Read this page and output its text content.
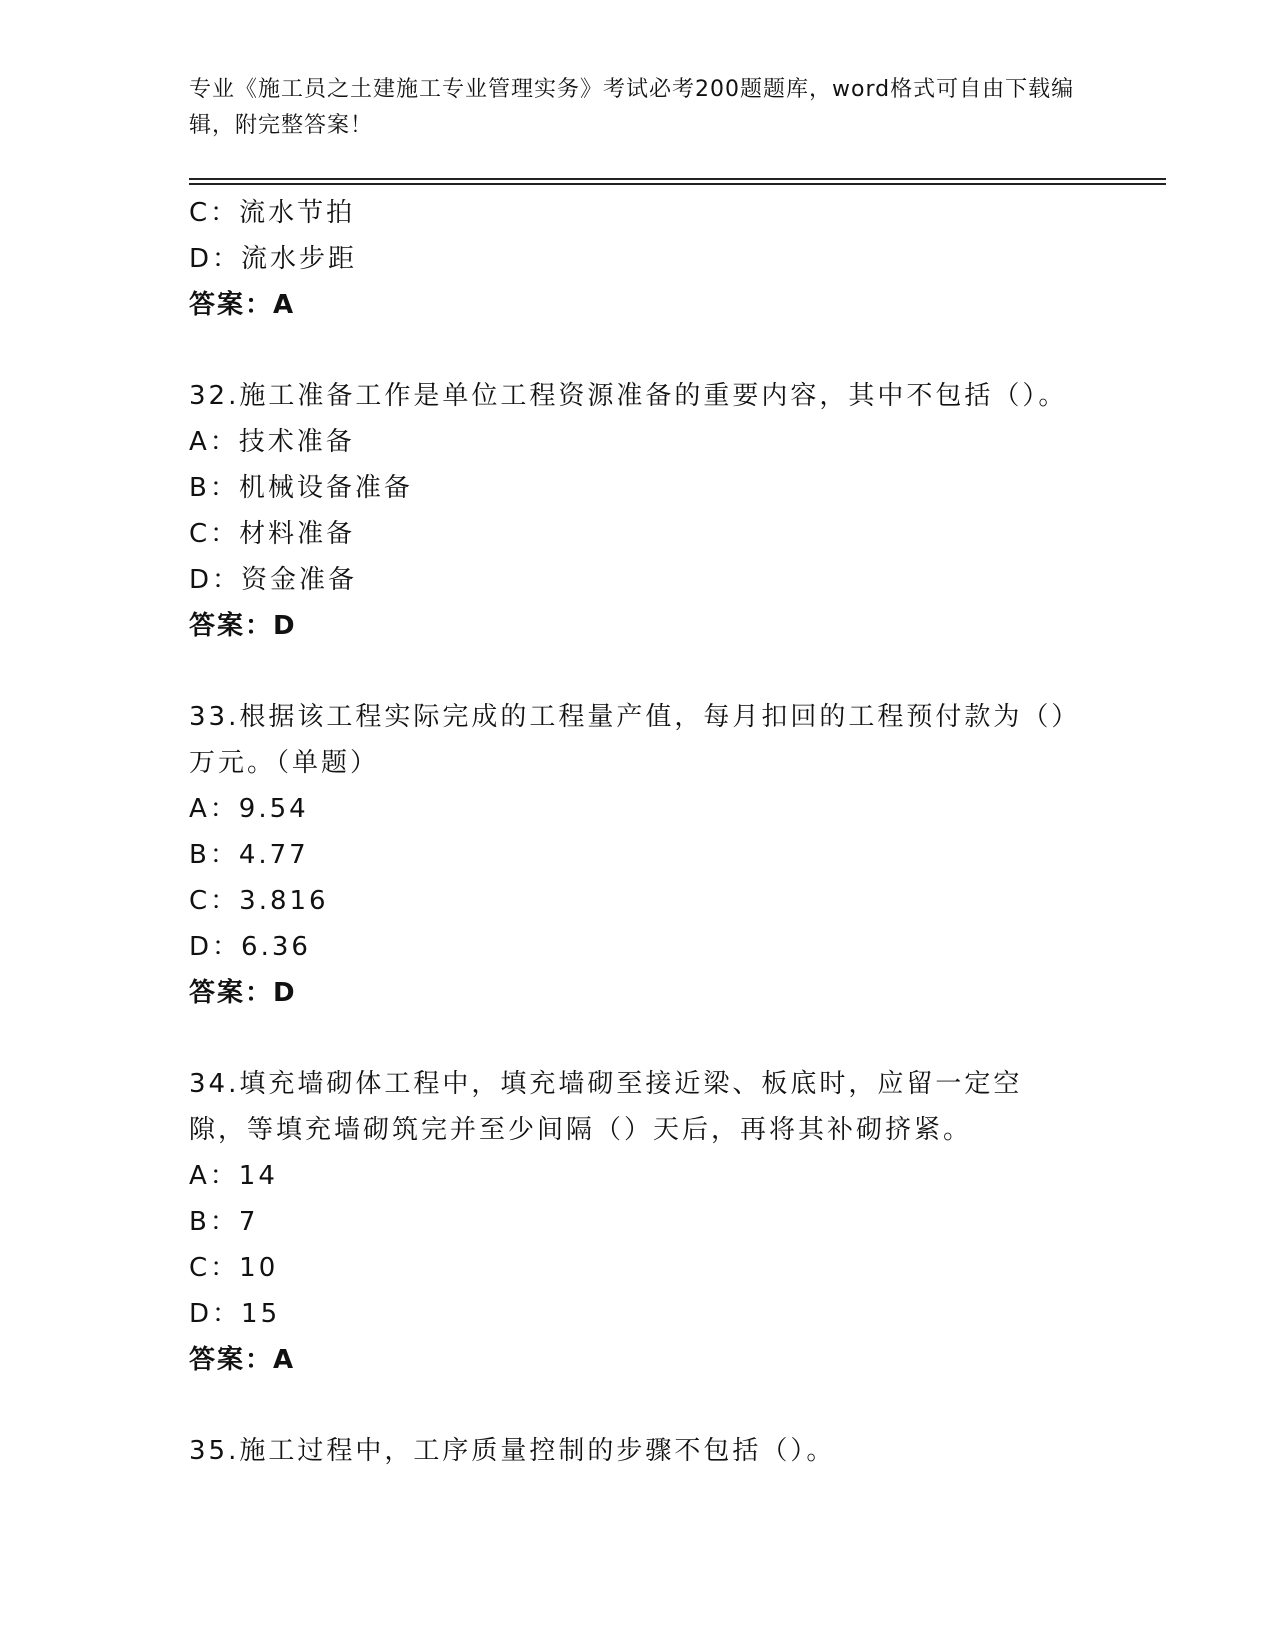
专业《施工员之土建施工专业管理实务》考试必考200题题库，word格式可自由下载编辑，附完整答案！
C：流水节拍
D：流水步距
答案：A
32.施工准备工作是单位工程资源准备的重要内容，其中不包括（）。
A：技术准备
B：机械设备准备
C：材料准备
D：资金准备
答案：D
33.根据该工程实际完成的工程量产值，每月扣回的工程预付款为（）万元。（单题）
A：9.54
B：4.77
C：3.816
D：6.36
答案：D
34.填充墙砌体工程中，填充墙砌至接近梁、板底时，应留一定空隙，等填充墙砌筑完并至少间隔（）天后，再将其补砌挤紧。
A：14
B：7
C：10
D：15
答案：A
35.施工过程中，工序质量控制的步骤不包括（）。
